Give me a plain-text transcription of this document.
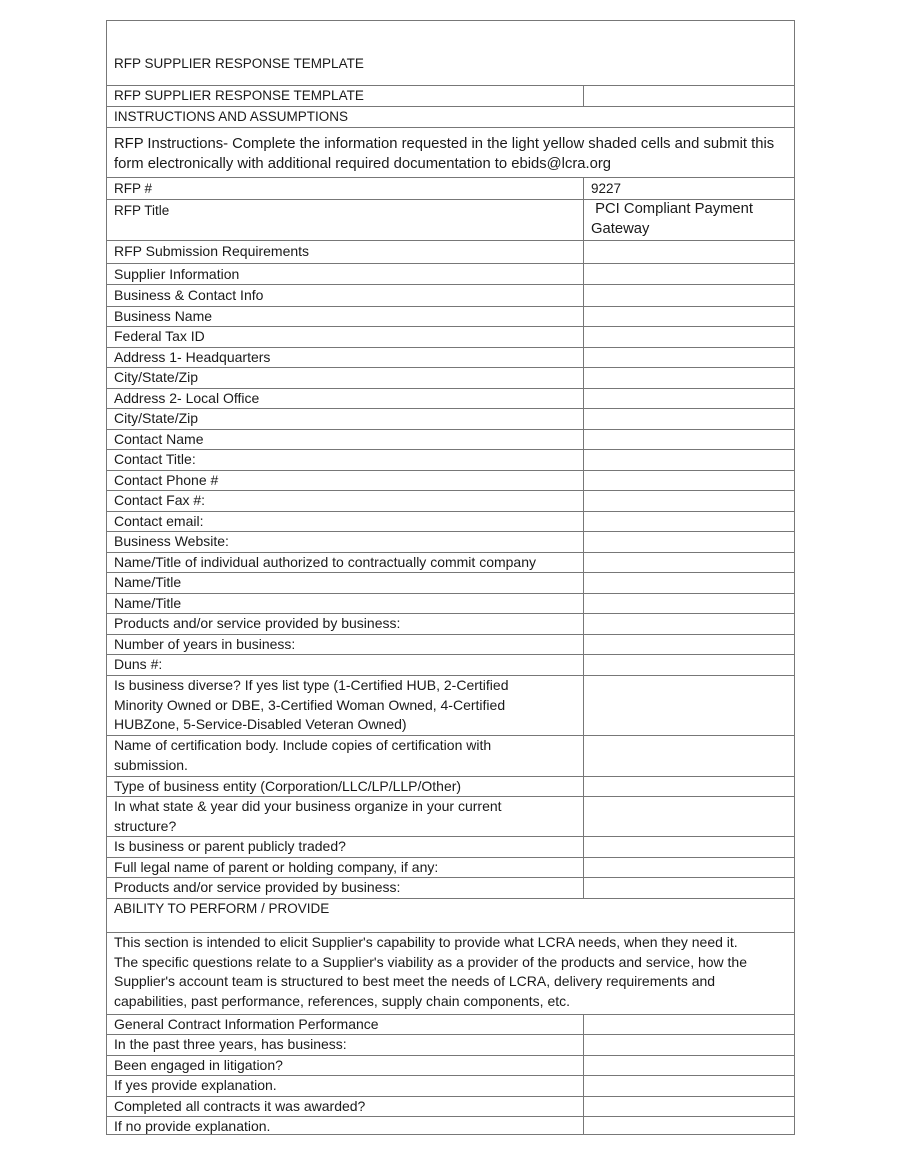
RFP SUPPLIER RESPONSE TEMPLATE
RFP SUPPLIER RESPONSE TEMPLATE
INSTRUCTIONS AND ASSUMPTIONS
RFP Instructions- Complete the information requested in the light yellow shaded cells and submit this
form electronically with additional required documentation to ebids@lcra.org
RFP #	9227
RFP Title	PCI Compliant Payment
Gateway
RFP Submission Requirements
Supplier Information
Business & Contact Info
Business Name
Federal Tax ID
Address 1- Headquarters
City/State/Zip
Address 2- Local Office
City/State/Zip
Contact Name
Contact Title:
Contact Phone #
Contact Fax #:
Contact email:
Business Website:
Name/Title of individual authorized to contractually commit company
Name/Title
Name/Title
Products and/or service provided by business:
Number of years in business:
Duns #:
Is business diverse? If yes list type (1-Certified HUB, 2-Certified
Minority Owned or DBE, 3-Certified Woman Owned, 4-Certified
HUBZone, 5-Service-Disabled Veteran Owned)
Name of certification body. Include copies of certification with
submission.
Type of business entity (Corporation/LLC/LP/LLP/Other)
In what state & year did your business organize in your current
structure?
Is business or parent publicly traded?
Full legal name of parent or holding company, if any:
Products and/or service provided by business:
ABILITY TO PERFORM / PROVIDE
This section is intended to elicit Supplier's capability to provide what LCRA needs, when they need it.
The specific questions relate to a Supplier's viability as a provider of the products and service, how the
Supplier's account team is structured to best meet the needs of LCRA, delivery requirements and
capabilities, past performance, references, supply chain components, etc.
General Contract Information Performance
In the past three years, has business:
Been engaged in litigation?
If yes provide explanation.
Completed all contracts it was awarded?
If no provide explanation.
